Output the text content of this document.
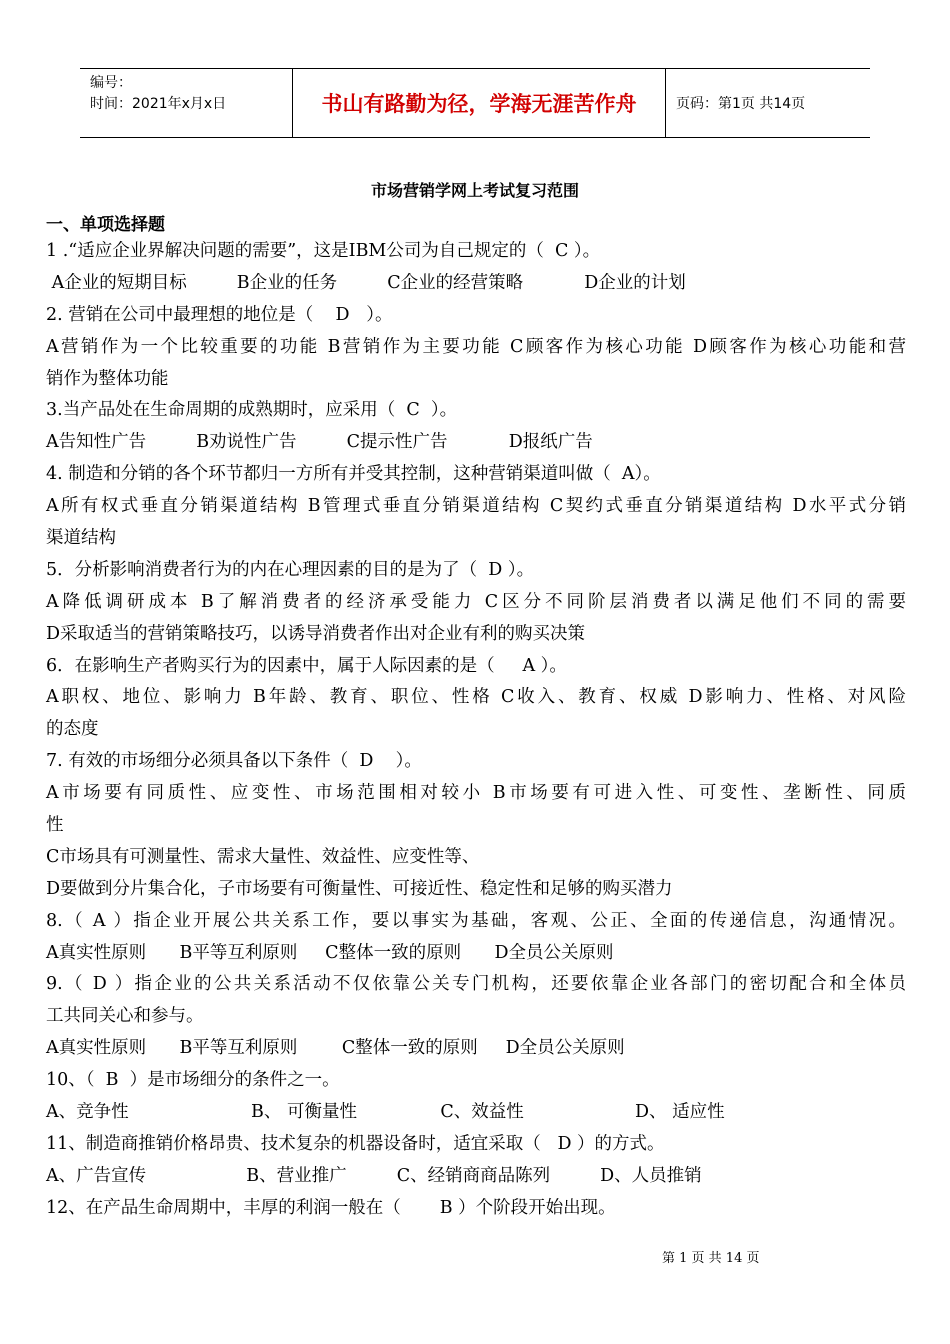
编号：
时间：2021年x月x日	书山有路勤为径，学海无涯苦作舟	页码：第1页 共14页
市场营销学网上考试复习范围
一、单项选择题
1 .“适应企业界解决问题的需要”，这是IBM公司为自己规定的（  C ）。
A企业的短期目标         B企业的任务         C企业的经营策略           D企业的计划
2. 营销在公司中最理想的地位是（    D   ）。
A营销作为一个比较重要的功能 B营销作为主要功能 C顾客作为核心功能 D顾客作为核心功能和营
销作为整体功能
3.当产品处在生命周期的成熟期时，应采用（  C  ）。
A告知性广告         B劝说性广告         C提示性广告           D报纸广告
4. 制造和分销的各个环节都归一方所有并受其控制，这种营销渠道叫做（  A）。
A所有权式垂直分销渠道结构 B管理式垂直分销渠道结构 C契约式垂直分销渠道结构 D水平式分销
渠道结构
5．分析影响消费者行为的内在心理因素的目的是为了（  D ）。
A降低调研成本 B了解消费者的经济承受能力 C区分不同阶层消费者以满足他们不同的需要
D采取适当的营销策略技巧，以诱导消费者作出对企业有利的购买决策
6．在影响生产者购买行为的因素中，属于人际因素的是（     A ）。
A职权、地位、影响力 B年龄、教育、职位、性格 C收入、教育、权威 D影响力、性格、对风险
的态度
7. 有效的市场细分必须具备以下条件（  D    ）。
A市场要有同质性、应变性、市场范围相对较小 B市场要有可进入性、可变性、垄断性、同质
性
C市场具有可测量性、需求大量性、效益性、应变性等、
D要做到分片集合化，子市场要有可衡量性、可接近性、稳定性和足够的购买潜力
8.（ A ）指企业开展公共关系工作，要以事实为基础，客观、公正、全面的传递信息，沟通情况。
A真实性原则      B平等互利原则     C整体一致的原则      D全员公关原则
9.（ D ）指企业的公共关系活动不仅依靠公关专门机构，还要依靠企业各部门的密切配合和全体员
工共同关心和参与。
A真实性原则      B平等互利原则        C整体一致的原则     D全员公关原则
10、（  B  ）是市场细分的条件之一。
A、竞争性                      B、 可衡量性               C、效益性                    D、 适应性
11、制造商推销价格昂贵、技术复杂的机器设备时，适宜采取（   D ）的方式。
A、广告宣传                  B、营业推广         C、经销商商品陈列         D、人员推销
12、在产品生命周期中，丰厚的利润一般在（       B ）个阶段开始出现。
第 1 页 共 14 页
